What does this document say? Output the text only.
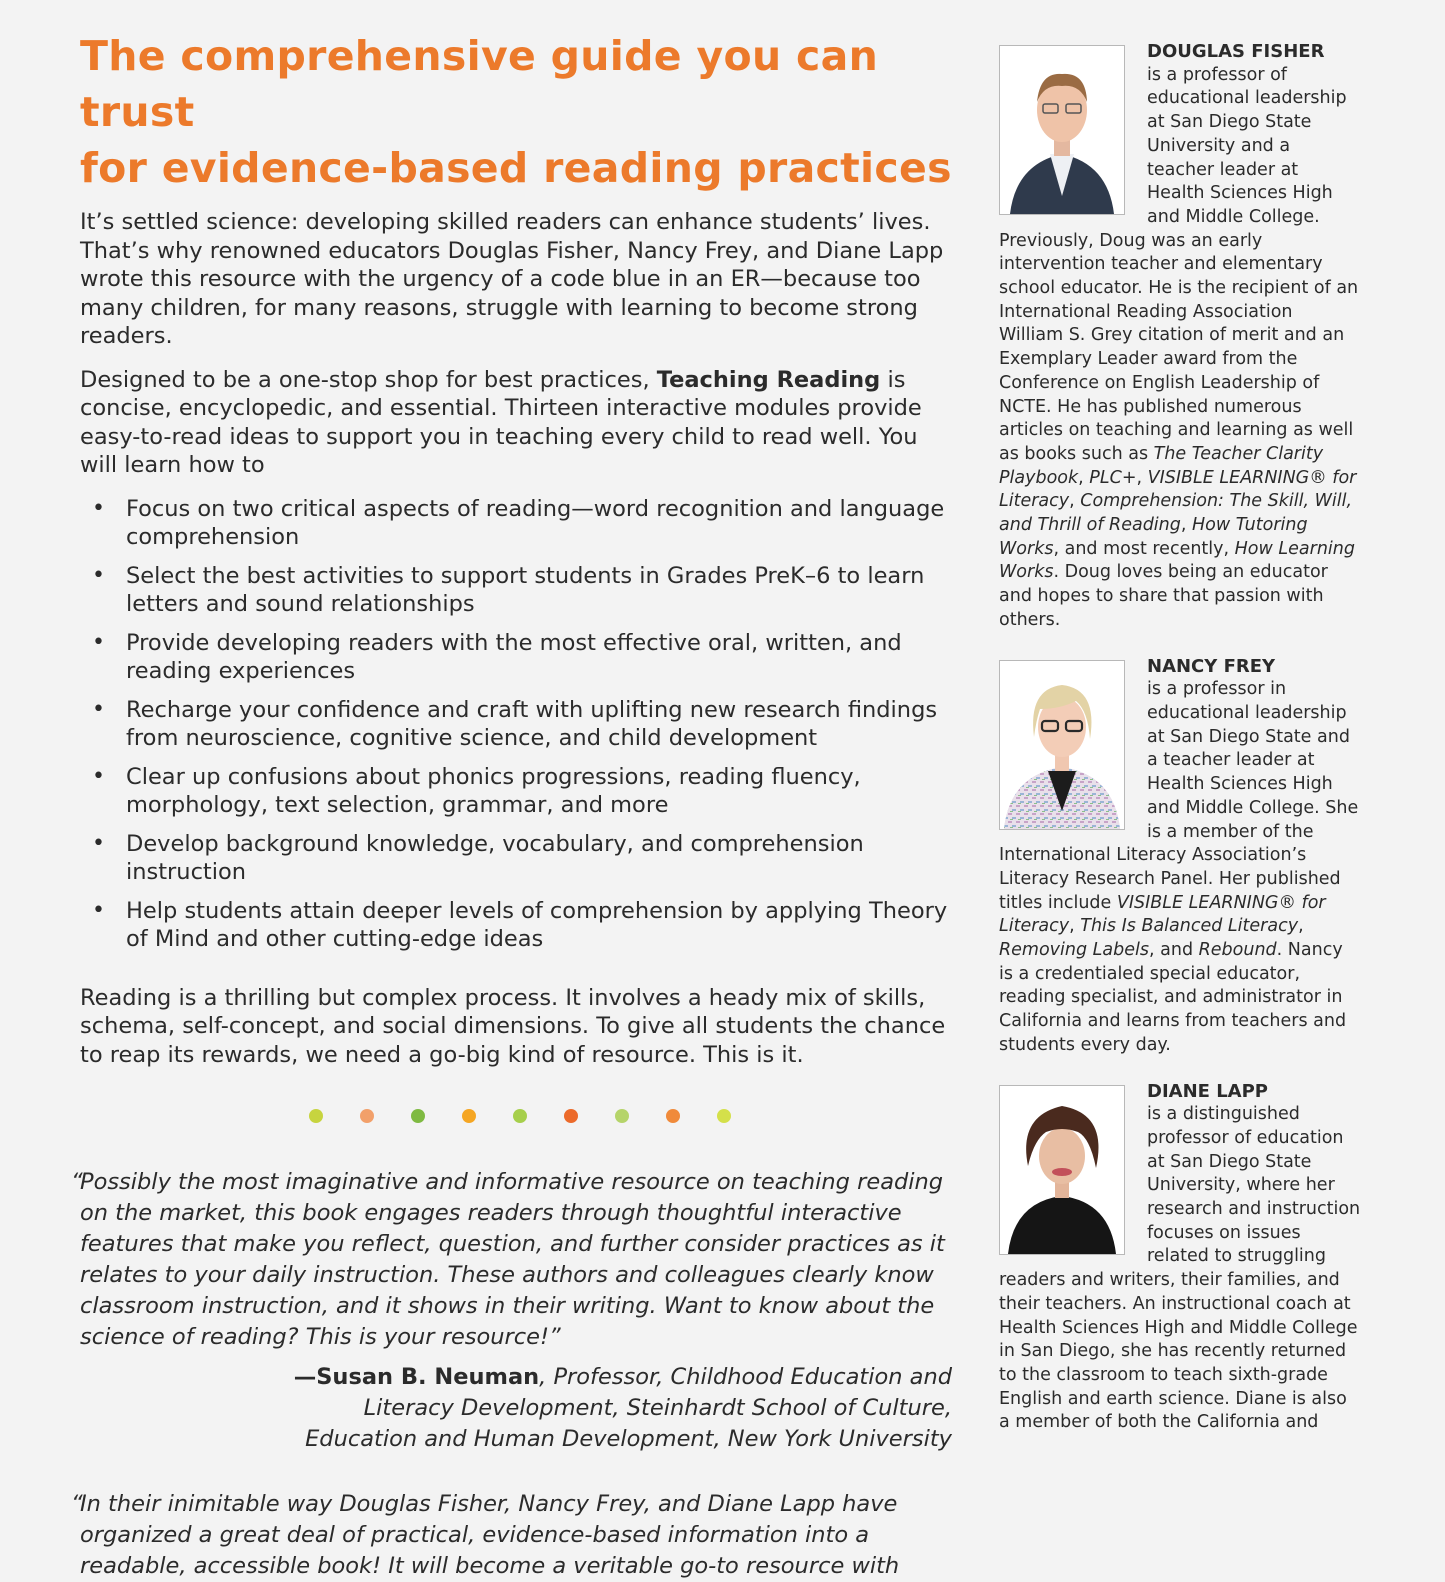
The comprehensive guide you can trust
for evidence-based reading practices

It’s settled science: developing skilled readers can enhance students’ lives. That’s why renowned educators Douglas Fisher, Nancy Frey, and Diane Lapp wrote this resource with the urgency of a code blue in an ER—because too many children, for many reasons, struggle with learning to become strong readers.

Designed to be a one-stop shop for best practices, Teaching Reading is concise, encyclopedic, and essential. Thirteen interactive modules provide easy-to-read ideas to support you in teaching every child to read well. You will learn how to

• Focus on two critical aspects of reading—word recognition and language comprehension
• Select the best activities to support students in Grades PreK–6 to learn letters and sound relationships
• Provide developing readers with the most effective oral, written, and reading experiences
• Recharge your confidence and craft with uplifting new research findings from neuroscience, cognitive science, and child development
• Clear up confusions about phonics progressions, reading fluency, morphology, text selection, grammar, and more
• Develop background knowledge, vocabulary, and comprehension instruction
• Help students attain deeper levels of comprehension by applying Theory of Mind and other cutting-edge ideas

Reading is a thrilling but complex process. It involves a heady mix of skills, schema, self-concept, and social dimensions. To give all students the chance to reap its rewards, we need a go-big kind of resource. This is it.

“
Possibly the most imaginative and informative resource on teaching reading on the market, this book engages readers through thoughtful interactive features that make you reflect, question, and further consider practices as it relates to your daily instruction. These authors and colleagues clearly know classroom instruction, and it shows in their writing. Want to know about the science of reading? This is your resource!”

—Susan B. Neuman, Professor, Childhood Education and
Literacy Development, Steinhardt School of Culture,
Education and Human Development, New York University

“
In their inimitable way Douglas Fisher, Nancy Frey, and Diane Lapp have organized a great deal of practical, evidence-based information into a readable, accessible book! It will become a veritable go-to resource with

DOUGLAS FISHER
is a professor of educational leadership at San Diego State University and a teacher leader at Health Sciences High and Middle College. Previously, Doug was an early intervention teacher and elementary school educator. He is the recipient of an International Reading Association William S. Grey citation of merit and an Exemplary Leader award from the Conference on English Leadership of NCTE. He has published numerous articles on teaching and learning as well as books such as The Teacher Clarity Playbook, PLC+, VISIBLE LEARNING® for Literacy, Comprehension: The Skill, Will, and Thrill of Reading, How Tutoring Works, and most recently, How Learning Works. Doug loves being an educator and hopes to share that passion with others.
NANCY FREY
is a professor in educational leadership at San Diego State and a teacher leader at Health Sciences High and Middle College. She is a member of the International Literacy Association’s Literacy Research Panel. Her published titles include VISIBLE LEARNING® for Literacy, This Is Balanced Literacy, Removing Labels, and Rebound. Nancy is a credentialed special educator, reading specialist, and administrator in California and learns from teachers and students every day.
DIANE LAPP
is a distinguished professor of education at San Diego State University, where her research and instruction focuses on issues related to struggling readers and writers, their families, and their teachers. An instructional coach at Health Sciences High and Middle College in San Diego, she has recently returned to the classroom to teach sixth-grade English and earth science. Diane is also a member of both the California and
